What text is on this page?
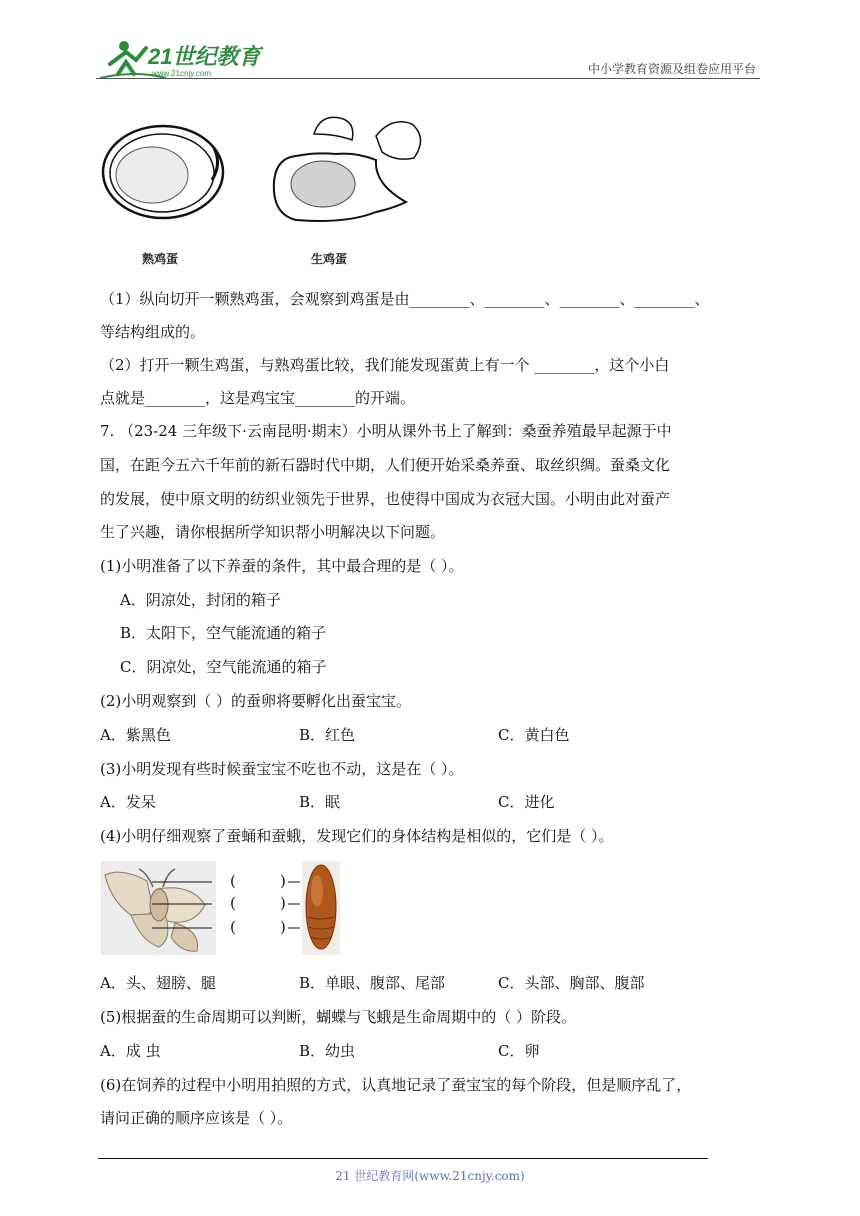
21世纪教育
www.21cnjy.com	中小学教育资源及组卷应用平台
熟鸡蛋	生鸡蛋
（1）纵向切开一颗熟鸡蛋，会观察到鸡蛋是由________、________、________、________、
等结构组成的。
（2）打开一颗生鸡蛋，与熟鸡蛋比较，我们能发现蛋黄上有一个 ________，这个小白
点就是________，这是鸡宝宝________的开端。
7. （23-24 三年级下·云南昆明·期末）小明从课外书上了解到：桑蚕养殖最早起源于中
国，在距今五六千年前的新石器时代中期，人们便开始采桑养蚕、取丝织绸。蚕桑文化
的发展，使中原文明的纺织业领先于世界，也使得中国成为衣冠大国。小明由此对蚕产
生了兴趣，请你根据所学知识帮小明解决以下问题。
(1)小明准备了以下养蚕的条件，其中最合理的是（ ）。
A．阴凉处，封闭的箱子
B．太阳下，空气能流通的箱子
C．阴凉处，空气能流通的箱子
(2)小明观察到（ ）的蚕卵将要孵化出蚕宝宝。
A．紫黑色	B．红色	C．黄白色
(3)小明发现有些时候蚕宝宝不吃也不动，这是在（ ）。
A．发呆	B．眠	C．进化
(4)小明仔细观察了蚕蛹和蚕蛾，发现它们的身体结构是相似的，它们是（ ）。
(
(
(
)
)
)
A．头、翅膀、腿	B．单眼、腹部、尾部	C．头部、胸部、腹部
(5)根据蚕的生命周期可以判断，蝴蝶与飞蛾是生命周期中的（ ）阶段。
A．成 虫	B．幼虫	C．卵
(6)在饲养的过程中小明用拍照的方式，认真地记录了蚕宝宝的每个阶段，但是顺序乱了，
请问正确的顺序应该是（ ）。
21 世纪教育网(www.21cnjy.com)
